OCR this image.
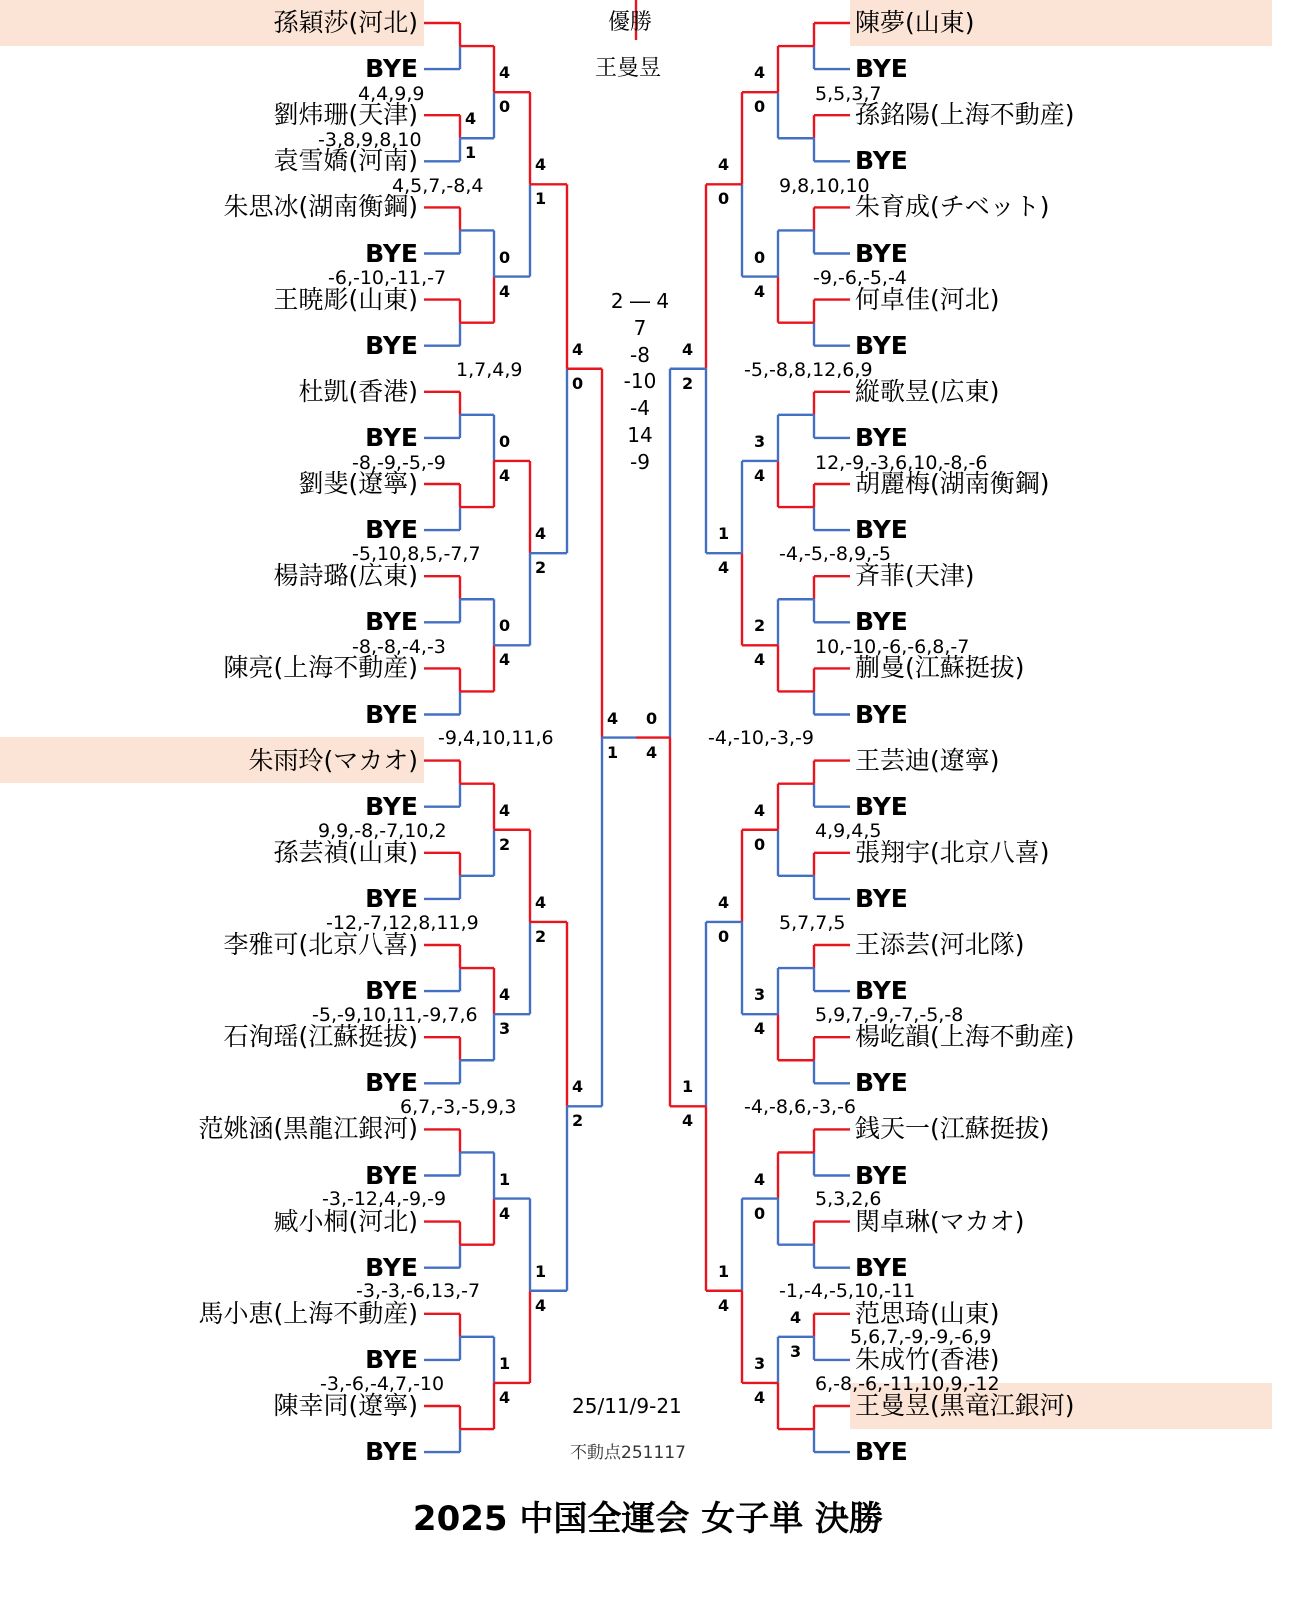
孫穎莎(河北)
BYE
劉炜珊(天津)
袁雪嬌(河南)
朱思冰(湖南衡鋼)
BYE
王暁彫(山東)
BYE
杜凱(香港)
BYE
劉斐(遼寧)
BYE
楊詩璐(広東)
BYE
陳亮(上海不動産)
BYE
朱雨玲(マカオ)
BYE
孫芸禎(山東)
BYE
李雅可(北京八喜)
BYE
石洵瑶(江蘇挺拔)
BYE
范姚涵(黒龍江銀河)
BYE
臧小桐(河北)
BYE
馬小恵(上海不動産)
BYE
陳幸同(遼寧)
BYE
陳夢(山東)
BYE
孫銘陽(上海不動産)
BYE
朱育成(チベット)
BYE
何卓佳(河北)
BYE
縦歌昱(広東)
BYE
胡麗梅(湖南衡鋼)
BYE
斉菲(天津)
BYE
蒯曼(江蘇挺拔)
BYE
王芸迪(遼寧)
BYE
張翔宇(北京八喜)
BYE
王添芸(河北隊)
BYE
楊屹韻(上海不動産)
BYE
銭天一(江蘇挺拔)
BYE
関卓琳(マカオ)
BYE
范思琦(山東)
朱成竹(香港)
王曼昱(黒竜江銀河)
BYE
4
1
-3,8,9,8,10
4
0
4,4,9,9
0
4
-6,-10,-11,-7
0
4
-8,-9,-5,-9
0
4
-8,-8,-4,-3
4
2
9,9,-8,-7,10,2
4
3
-5,-9,10,11,-9,7,6
1
4
-3,-12,4,-9,-9
1
4
-3,-6,-4,7,-10
4
1
4,5,7,-8,4
4
2
-5,10,8,5,-7,7
4
2
-12,-7,12,8,11,9
1
4
-3,-3,-6,13,-7
4
0
1,7,4,9
4
2
6,7,-3,-5,9,3
4
1
-9,4,10,11,6
4
3
5,6,7,-9,-9,-6,9
4
0
5,5,3,7
0
4
-9,-6,-5,-4
3
4
12,-9,-3,6,10,-8,-6
2
4
10,-10,-6,-6,8,-7
4
0
4,9,4,5
3
4
5,9,7,-9,-7,-5,-8
4
0
5,3,2,6
3
4
6,-8,-6,-11,10,9,-12
4
0
9,8,10,10
1
4
-4,-5,-8,9,-5
4
0
5,7,7,5
1
4
-1,-4,-5,10,-11
4
2
-5,-8,8,12,6,9
1
4
-4,-8,6,-3,-6
0
4
-4,-10,-3,-9
優勝
王曼昱
2 ― 4
7
-8
-10
-4
14
-9
25/11/9-21
不動点251117
2025 中国全運会 女子単 決勝
